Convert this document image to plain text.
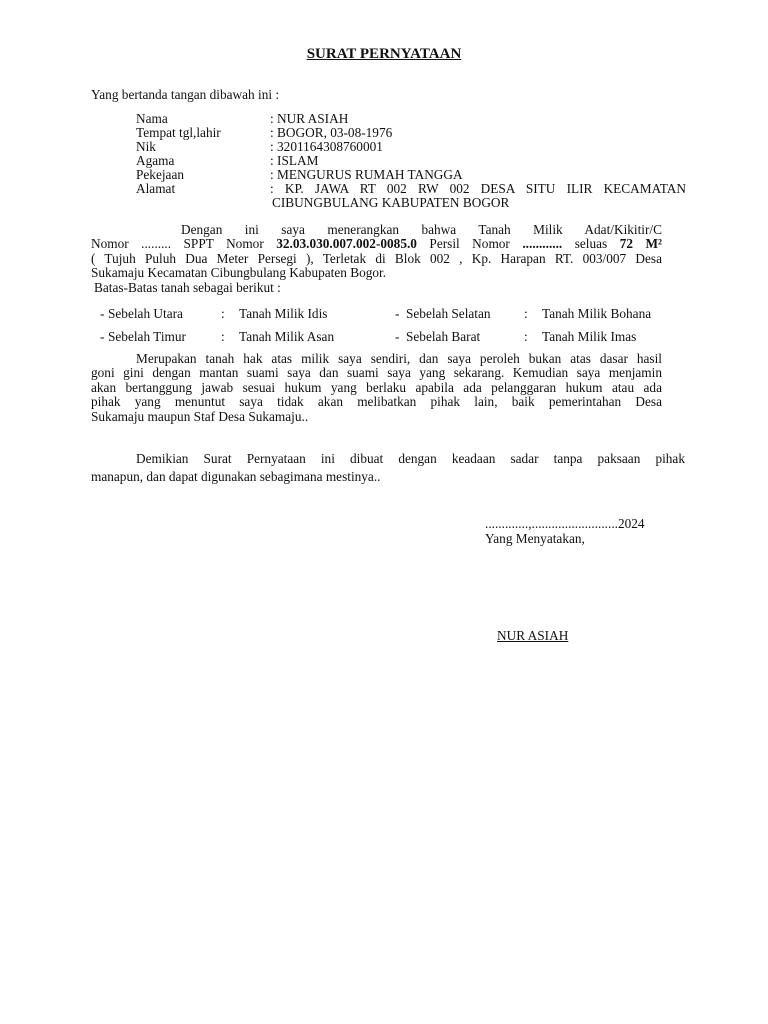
SURAT PERNYATAAN
Yang bertanda tangan dibawah ini :
Nama	: NUR ASIAH
Tempat tgl,lahir	: BOGOR, 03-08-1976
Nik	: 3201164308760001
Agama	: ISLAM
Pekejaan	: MENGURUS RUMAH TANGGA
Alamat	: KP. JAWA RT 002 RW 002 DESA SITU ILIR KECAMATAN
CIBUNGBULANG KABUPATEN BOGOR
Dengan ini saya menerangkan bahwa Tanah Milik Adat/Kikitir/C
Nomor ......... SPPT Nomor 32.03.030.007.002-0085.0 Persil Nomor ............ seluas 72 M²
( Tujuh Puluh Dua Meter Persegi ), Terletak di Blok 002 , Kp. Harapan RT. 003/007 Desa
Sukamaju Kecamatan Cibungbulang Kabupaten Bogor.
Batas-Batas tanah sebagai berikut :
- Sebelah Utara	: Tanah Milik Idis	- Sebelah Selatan	: Tanah Milik Bohana
- Sebelah Timur	: Tanah Milik Asan	- Sebelah Barat	: Tanah Milik Imas
Merupakan tanah hak atas milik saya sendiri, dan saya peroleh bukan atas dasar hasil
goni gini dengan mantan suami saya dan suami saya yang sekarang. Kemudian saya menjamin
akan bertanggung jawab sesuai hukum yang berlaku apabila ada pelanggaran hukum atau ada
pihak yang menuntut saya tidak akan melibatkan pihak lain, baik pemerintahan Desa
Sukamaju maupun Staf Desa Sukamaju..
Demikian Surat Pernyataan ini dibuat dengan keadaan sadar tanpa paksaan pihak
manapun, dan dapat digunakan sebagimana mestinya..
.............,..........................2024
Yang Menyatakan,
NUR ASIAH
